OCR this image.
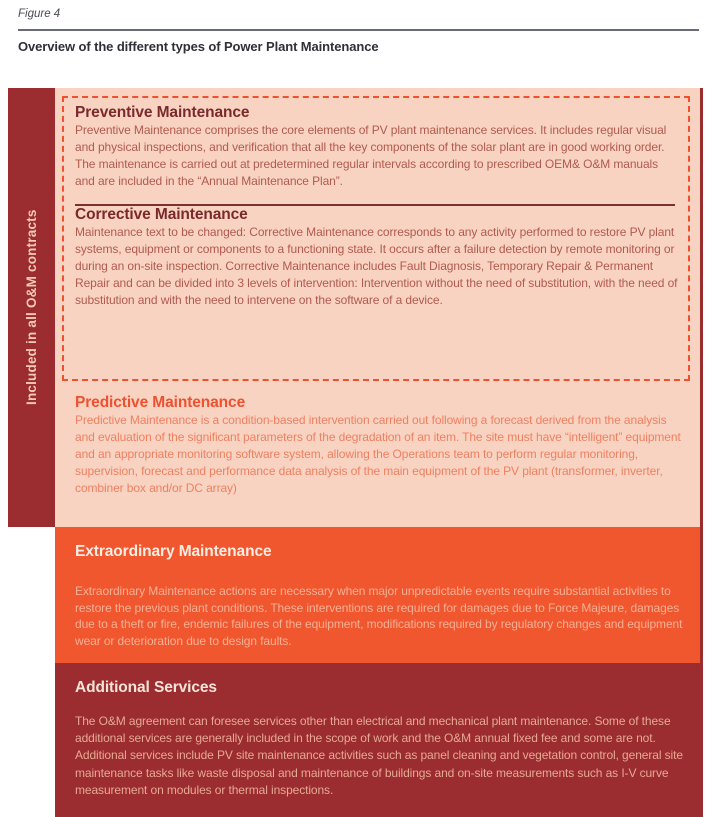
Figure 4
Overview of the different types of Power Plant Maintenance
Included in all O&M contracts
Preventive Maintenance

Preventive Maintenance comprises the core elements of PV plant maintenance services. It includes regular visual and physical inspections, and verification that all the key components of the solar plant are in good working order. The maintenance is carried out at predetermined regular intervals according to prescribed OEM& O&M manuals and are included in the “Annual Maintenance Plan”.

Corrective Maintenance

Maintenance text to be changed: Corrective Maintenance corresponds to any activity performed to restore PV plant systems, equipment or components to a functioning state. It occurs after a failure detection by remote monitoring or during an on-site inspection. Corrective Maintenance includes Fault Diagnosis, Temporary Repair & Permanent Repair and can be divided into 3 levels of intervention: Intervention without the need of substitution, with the need of substitution and with the need to intervene on the software of a device.

Predictive Maintenance

Predictive Maintenance is a condition-based intervention carried out following a forecast derived from the analysis and evaluation of the significant parameters of the degradation of an item. The site must have “intelligent” equipment and an appropriate monitoring software system, allowing the Operations team to perform regular monitoring, supervision, forecast and performance data analysis of the main equipment of the PV plant (transformer, inverter, combiner box and/or DC array)

Extraordinary Maintenance

Extraordinary Maintenance actions are necessary when major unpredictable events require substantial activities to restore the previous plant conditions. These interventions are required for damages due to Force Majeure, damages due to a theft or fire, endemic failures of the equipment, modifications required by regulatory changes and equipment wear or deterioration due to design faults.

Additional Services

The O&M agreement can foresee services other than electrical and mechanical plant maintenance. Some of these additional services are generally included in the scope of work and the O&M annual fixed fee and some are not. Additional services include PV site maintenance activities such as panel cleaning and vegetation control, general site maintenance tasks like waste disposal and maintenance of buildings and on-site measurements such as I-V curve measurement on modules or thermal inspections.
